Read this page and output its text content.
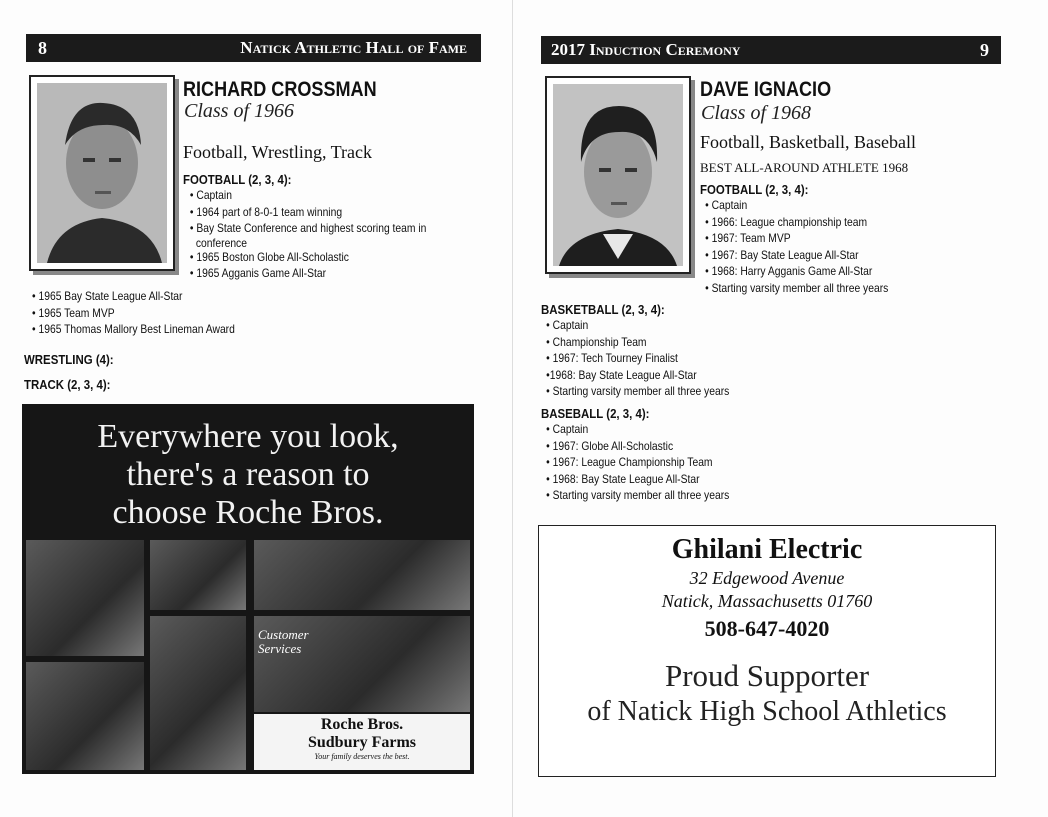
8	Natick Athletic Hall of Fame
RICHARD CROSSMAN
Class of 1966
Football, Wrestling, Track
FOOTBALL (2, 3, 4):
• Captain
• 1964 part of 8-0-1 team winning
• Bay State Conference and highest scoring team in
conference
• 1965 Boston Globe All-Scholastic
• 1965 Agganis Game All-Star
• 1965 Bay State League All-Star
• 1965 Team MVP
• 1965 Thomas Mallory Best Lineman Award
WRESTLING (4):
TRACK (2, 3, 4):
Everywhere you look,
there's a reason to
choose Roche Bros.
Customer
Services
Roche Bros.
Sudbury Farms
Your family deserves the best.
2017 Induction Ceremony	9
DAVE IGNACIO
Class of 1968
Football, Basketball, Baseball
BEST ALL-AROUND ATHLETE 1968
FOOTBALL (2, 3, 4):
• Captain
• 1966: League championship team
• 1967: Team MVP
• 1967: Bay State League All-Star
• 1968: Harry Agganis Game All-Star
• Starting varsity member all three years
BASKETBALL (2, 3, 4):
• Captain
• Championship Team
• 1967: Tech Tourney Finalist
•1968: Bay State League All-Star
• Starting varsity member all three years
BASEBALL (2, 3, 4):
• Captain
• 1967: Globe All-Scholastic
• 1967: League Championship Team
• 1968: Bay State League All-Star
• Starting varsity member all three years
Ghilani Electric
32 Edgewood Avenue
Natick, Massachusetts 01760
508-647-4020
Proud Supporter
of Natick High School Athletics
